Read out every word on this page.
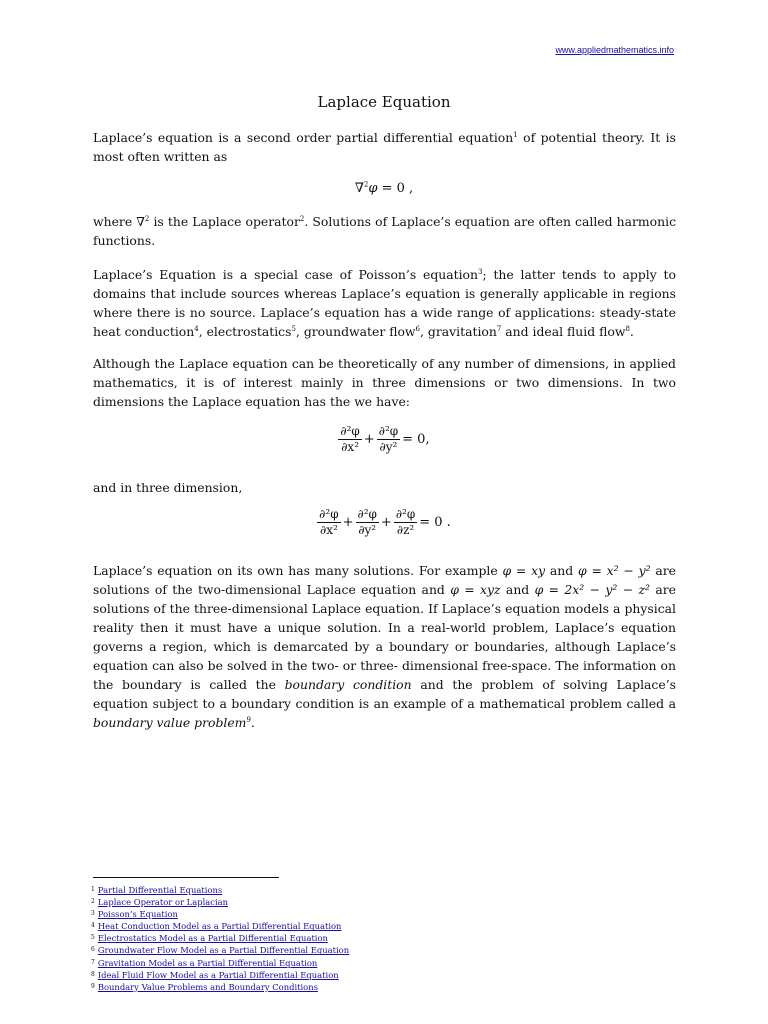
www.appliedmathematics.info
Laplace Equation

Laplace’s equation is a second order partial differential equation$^1$ of potential theory. It is most often written as

∇$^2$φ = 0 ,

where ∇$^2$ is the Laplace operator$^2$. Solutions of Laplace’s equation are often called harmonic functions.

Laplace’s Equation is a special case of Poisson’s equation$^3$; the latter tends to apply to domains that include sources whereas Laplace’s equation is generally applicable in regions where there is no source. Laplace’s equation has a wide range of applications: steady-state heat conduction$^4$, electrostatics$^5$, groundwater flow$^6$, gravitation$^7$ and ideal fluid flow$^8$.

Although the Laplace equation can be theoretically of any number of dimensions, in applied mathematics, it is of interest mainly in three dimensions or two dimensions. In two dimensions the Laplace equation has the we have:

$\frac{\text{∂²φ}}{\text{∂x²}} + \frac{\text{∂²φ}}{\text{∂y²}} = 0$,

and in three dimension,

$\frac{\text{∂²φ}}{\text{∂x²}} + \frac{\text{∂²φ}}{\text{∂y²}} + \frac{\text{∂²φ}}{\text{∂z²}} = 0$ .

Laplace’s equation on its own has many solutions. For example φ = xy and φ = x² − y² are solutions of the two-dimensional Laplace equation and φ = xyz and φ = 2x² − y² − z² are solutions of the three-dimensional Laplace equation. If Laplace’s equation models a physical reality then it must have a unique solution. In a real-world problem, Laplace’s equation governs a region, which is demarcated by a boundary or boundaries, although Laplace’s equation can also be solved in the two- or three- dimensional free-space. The information on the boundary is called the boundary condition and the problem of solving Laplace’s equation subject to a boundary condition is an example of a mathematical problem called a boundary value problem$^9$.

$^1$ Partial Differential Equations
$^2$ Laplace Operator or Laplacian
$^3$ Poisson’s Equation
$^4$ Heat Conduction Model as a Partial Differential Equation
$^5$ Electrostatics Model as a Partial Differential Equation
$^6$ Groundwater Flow Model as a Partial Differential Equation
$^7$ Gravitation Model as a Partial Differential Equation
$^8$ Ideal Fluid Flow Model as a Partial Differential Equation
$^9$ Boundary Value Problems and Boundary Conditions
